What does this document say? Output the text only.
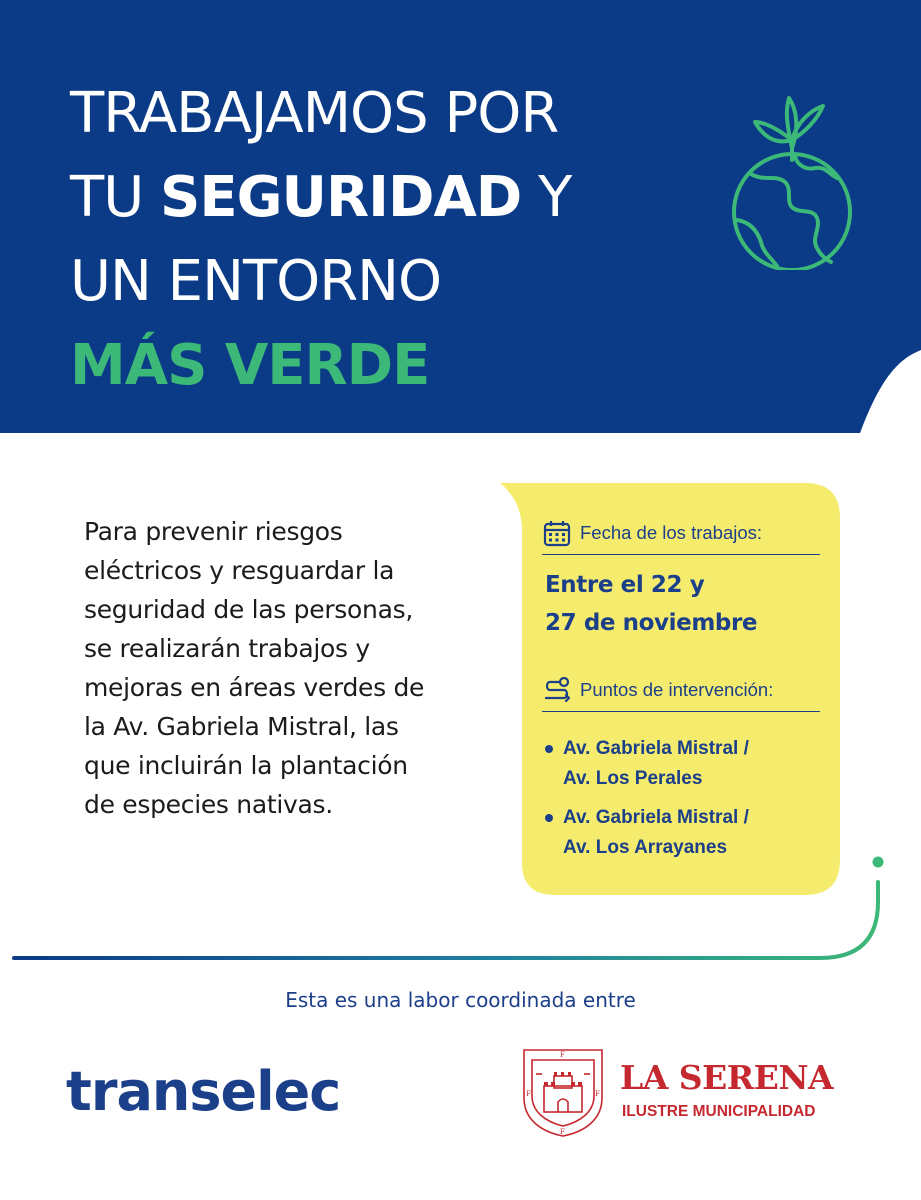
TRABAJAMOS POR
TU SEGURIDAD Y
UN ENTORNO
MÁS VERDE

Para prevenir riesgos eléctricos y resguardar la seguridad de las personas, se realizarán trabajos y mejoras en áreas verdes de la Av. Gabriela Mistral, las que incluirán la plantación de especies nativas.

Fecha de los trabajos:

Entre el 22 y
27 de noviembre

Puntos de intervención:
Av. Gabriela Mistral /
Av. Los Perales
Av. Gabriela Mistral /
Av. Los Arrayanes
Esta es una labor coordinada entre
transelec
F
F	F
F
LA SERENA
ILUSTRE MUNICIPALIDAD
